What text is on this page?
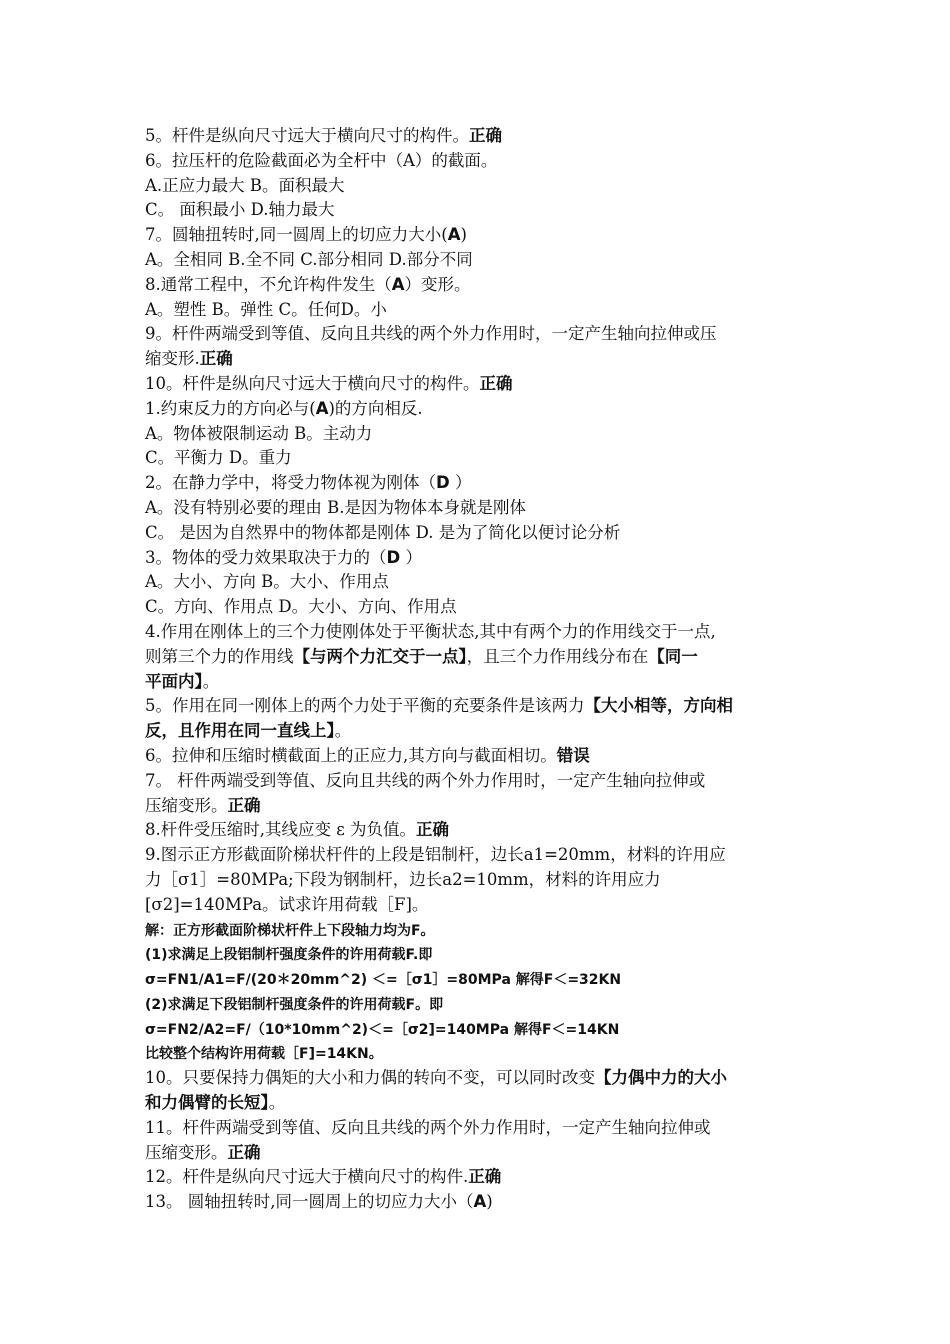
5。杆件是纵向尺寸远大于横向尺寸的构件。正确
6。拉压杆的危险截面必为全杆中（A）的截面。
A.正应力最大 B。面积最大
C。 面积最小 D.轴力最大
7。圆轴扭转时,同一圆周上的切应力大小(A)
A。全相同 B.全不同 C.部分相同 D.部分不同
8.通常工程中，不允许构件发生（A）变形。
A。塑性 B。弹性 C。任何D。小
9。杆件两端受到等值、反向且共线的两个外力作用时，一定产生轴向拉伸或压
缩变形.正确
10。杆件是纵向尺寸远大于横向尺寸的构件。正确
1.约束反力的方向必与(A)的方向相反.
A。物体被限制运动 B。主动力
C。平衡力 D。重力
2。在静力学中，将受力物体视为刚体（D ）
A。没有特别必要的理由 B.是因为物体本身就是刚体
C。 是因为自然界中的物体都是刚体 D. 是为了简化以便讨论分析
3。物体的受力效果取决于力的（D ）
A。大小、方向 B。大小、作用点
C。方向、作用点 D。大小、方向、作用点
4.作用在刚体上的三个力使刚体处于平衡状态,其中有两个力的作用线交于一点,
则第三个力的作用线【与两个力汇交于一点】，且三个力作用线分布在【同一
平面内】。
5。作用在同一刚体上的两个力处于平衡的充要条件是该两力【大小相等，方向相
反，且作用在同一直线上】。
6。拉伸和压缩时横截面上的正应力,其方向与截面相切。错误
7。 杆件两端受到等值、反向且共线的两个外力作用时，一定产生轴向拉伸或
压缩变形。正确
8.杆件受压缩时,其线应变 ε 为负值。正确
9.图示正方形截面阶梯状杆件的上段是铝制杆，边长a1=20mm，材料的许用应
力［σ1］=80MPa;下段为钢制杆，边长a2=10mm，材料的许用应力
[σ2]=140MPa。试求许用荷载［F]。
解：正方形截面阶梯状杆件上下段轴力均为F。
(1)求满足上段铝制杆强度条件的许用荷载F.即
σ=FN1/A1=F/(20＊20mm^2) ＜=［σ1］=80MPa 解得F＜=32KN
(2)求满足下段铝制杆强度条件的许用荷载F。即
σ=FN2/A2=F/（10*10mm^2)＜=［σ2]=140MPa 解得F＜=14KN
比较整个结构许用荷载［F]=14KN。
10。只要保持力偶矩的大小和力偶的转向不变，可以同时改变【力偶中力的大小
和力偶臂的长短】。
11。杆件两端受到等值、反向且共线的两个外力作用时，一定产生轴向拉伸或
压缩变形。正确
12。杆件是纵向尺寸远大于横向尺寸的构件.正确
13。 圆轴扭转时,同一圆周上的切应力大小（A)
